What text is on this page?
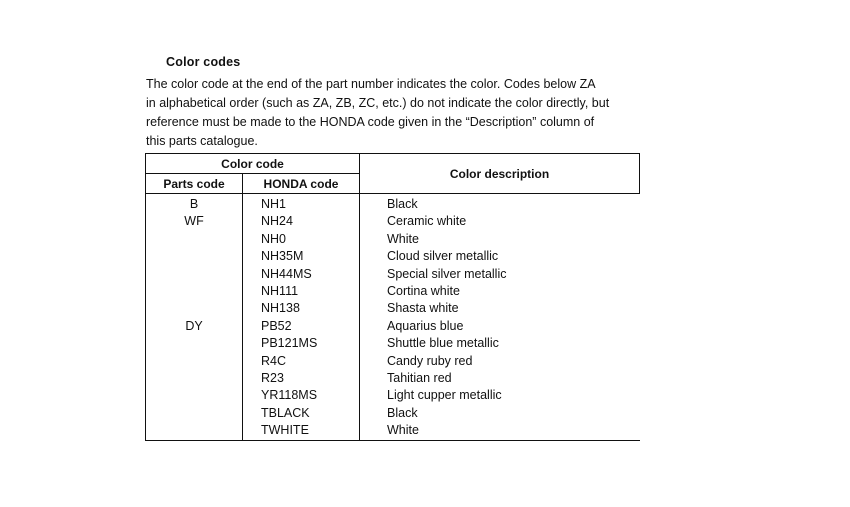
Color codes

The color code at the end of the part number indicates the color. Codes below ZA
in alphabetical order (such as ZA, ZB, ZC, etc.) do not indicate the color directly, but
reference must be made to the HONDA code given in the “Description” column of
this parts catalogue.

Color code		Color description
Parts code	HONDA code	
B	NH1	Black
WF	NH24	Ceramic white
	NH0	White
	NH35M	Cloud silver metallic
	NH44MS	Special silver metallic
	NH111	Cortina white
	NH138	Shasta white
DY	PB52	Aquarius blue
	PB121MS	Shuttle blue metallic
	R4C	Candy ruby red
	R23	Tahitian red
	YR118MS	Light cupper metallic
	TBLACK	Black
	TWHITE	White
